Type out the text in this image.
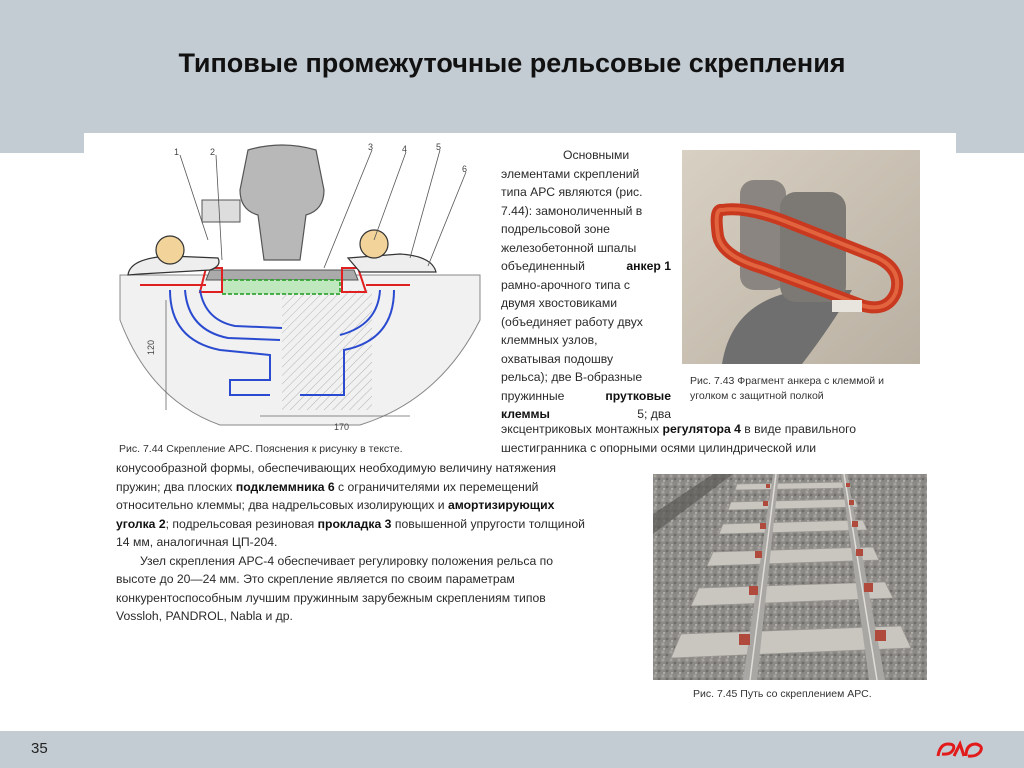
Типовые промежуточные рельсовые скрепления
1	2	3	4	5
6
120
170
Рис. 7.44 Скрепление АРС. Пояснения к рисунку в тексте.
Основными
элементами скреплений
типа АРС являются (рис.
7.44): замоноличенный в
подрельсовой зоне
железобетонной шпалы
объединенный	анкер 1
рамно-арочного типа с
двумя хвостовиками
(объединяет работу двух
клеммных узлов,
охватывая подошву
рельса); две В-образные
пружинные	прутковые
клеммы	5; два
Рис. 7.43 Фрагмент анкера с клеммой и
уголком с защитной полкой
эксцентриковых монтажных регулятора 4 в виде правильного
шестигранника с опорными осями цилиндрической или
конусообразной формы, обеспечивающих необходимую величину натяжения
пружин; два плоских подклеммника 6 с ограничителями их перемещений
относительно клеммы; два надрельсовых изолирующих и амортизирующих
уголка 2; подрельсовая резиновая прокладка 3 повышенной упругости толщиной
14 мм, аналогичная ЦП-204.
Узел скрепления АРС-4 обеспечивает регулировку положения рельса по
высоте до 20—24 мм. Это скрепление является по своим параметрам
конкурентоспособным лучшим пружинным зарубежным скреплениям типов
Vossloh, PANDROL, Nabla и др.
Рис. 7.45 Путь со скреплением АРС.
35
